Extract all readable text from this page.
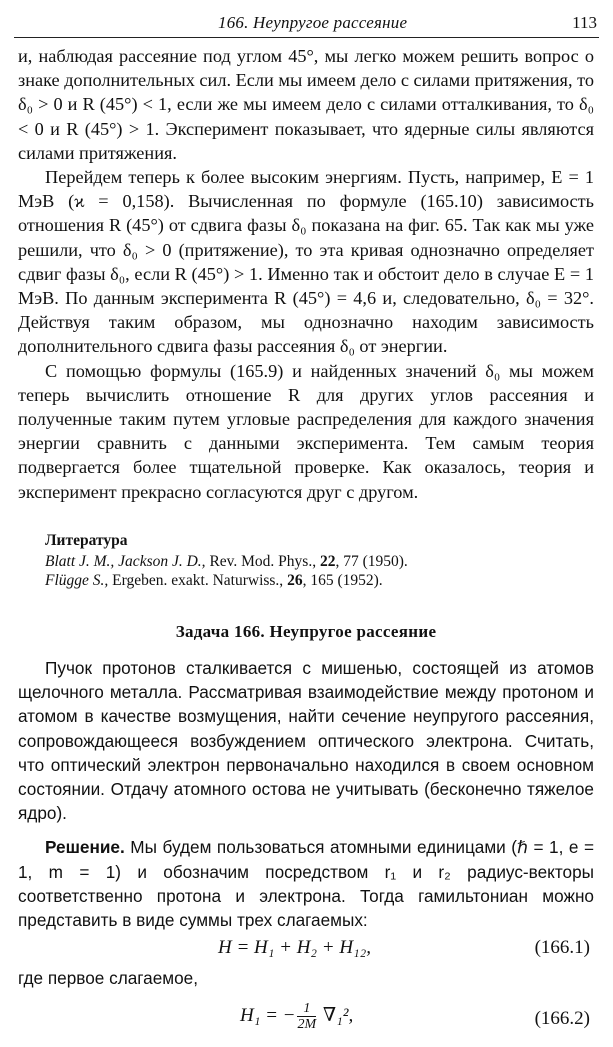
166. Неупругое рассеяние	113

и, наблюдая рассеяние под углом 45°, мы легко можем решить вопрос о знаке дополнительных сил. Если мы имеем дело с силами притяжения, то δ₀ > 0 и R (45°) < 1, если же мы имеем дело с силами отталкивания, то δ₀ < 0 и R (45°) > 1. Эксперимент показывает, что ядерные силы являются силами притяжения.

Перейдем теперь к более высоким энергиям. Пусть, например, E = 1 МэВ (ϰ = 0,158). Вычисленная по формуле (165.10) зависимость отношения R (45°) от сдвига фазы δ₀ показана на фиг. 65. Так как мы уже решили, что δ₀ > 0 (притяжение), то эта кривая однозначно определяет сдвиг фазы δ₀, если R (45°) > 1. Именно так и обстоит дело в случае E = 1 МэВ. По данным эксперимента R (45°) = 4,6 и, следовательно, δ₀ = 32°. Действуя таким образом, мы однозначно находим зависимость дополнительного сдвига фазы рассеяния δ₀ от энергии.

С помощью формулы (165.9) и найденных значений δ₀ мы можем теперь вычислить отношение R для других углов рассеяния и полученные таким путем угловые распределения для каждого значения энергии сравнить с данными эксперимента. Тем самым теория подвергается более тщательной проверке. Как оказалось, теория и эксперимент прекрасно согласуются друг с другом.

Литература

Blatt J. M., Jackson J. D., Rev. Mod. Phys., 22, 77 (1950).

Flügge S., Ergeben. exakt. Naturwiss., 26, 165 (1952).

Задача 166. Неупругое рассеяние

Пучок протонов сталкивается с мишенью, состоящей из атомов щелочного металла. Рассматривая взаимодействие между протоном и атомом в качестве возмущения, найти сечение неупругого рассеяния, сопровождающееся возбуждением оптического электрона. Считать, что оптический электрон первоначально находился в своем основном состоянии. Отдачу атомного остова не учитывать (бесконечно тяжелое ядро).

Решение. Мы будем пользоваться атомными единицами (ℏ = 1, e = 1, m = 1) и обозначим посредством r₁ и r₂ радиус-векторы соответственно протона и электрона. Тогда гамильтониан можно представить в виде суммы трех слагаемых:

H = H₁ + H₂ + H₁₂,	(166.1)

где первое слагаемое,

H₁ = − $\frac{1}{2M} \nabla_1^2$,	(166.2)
